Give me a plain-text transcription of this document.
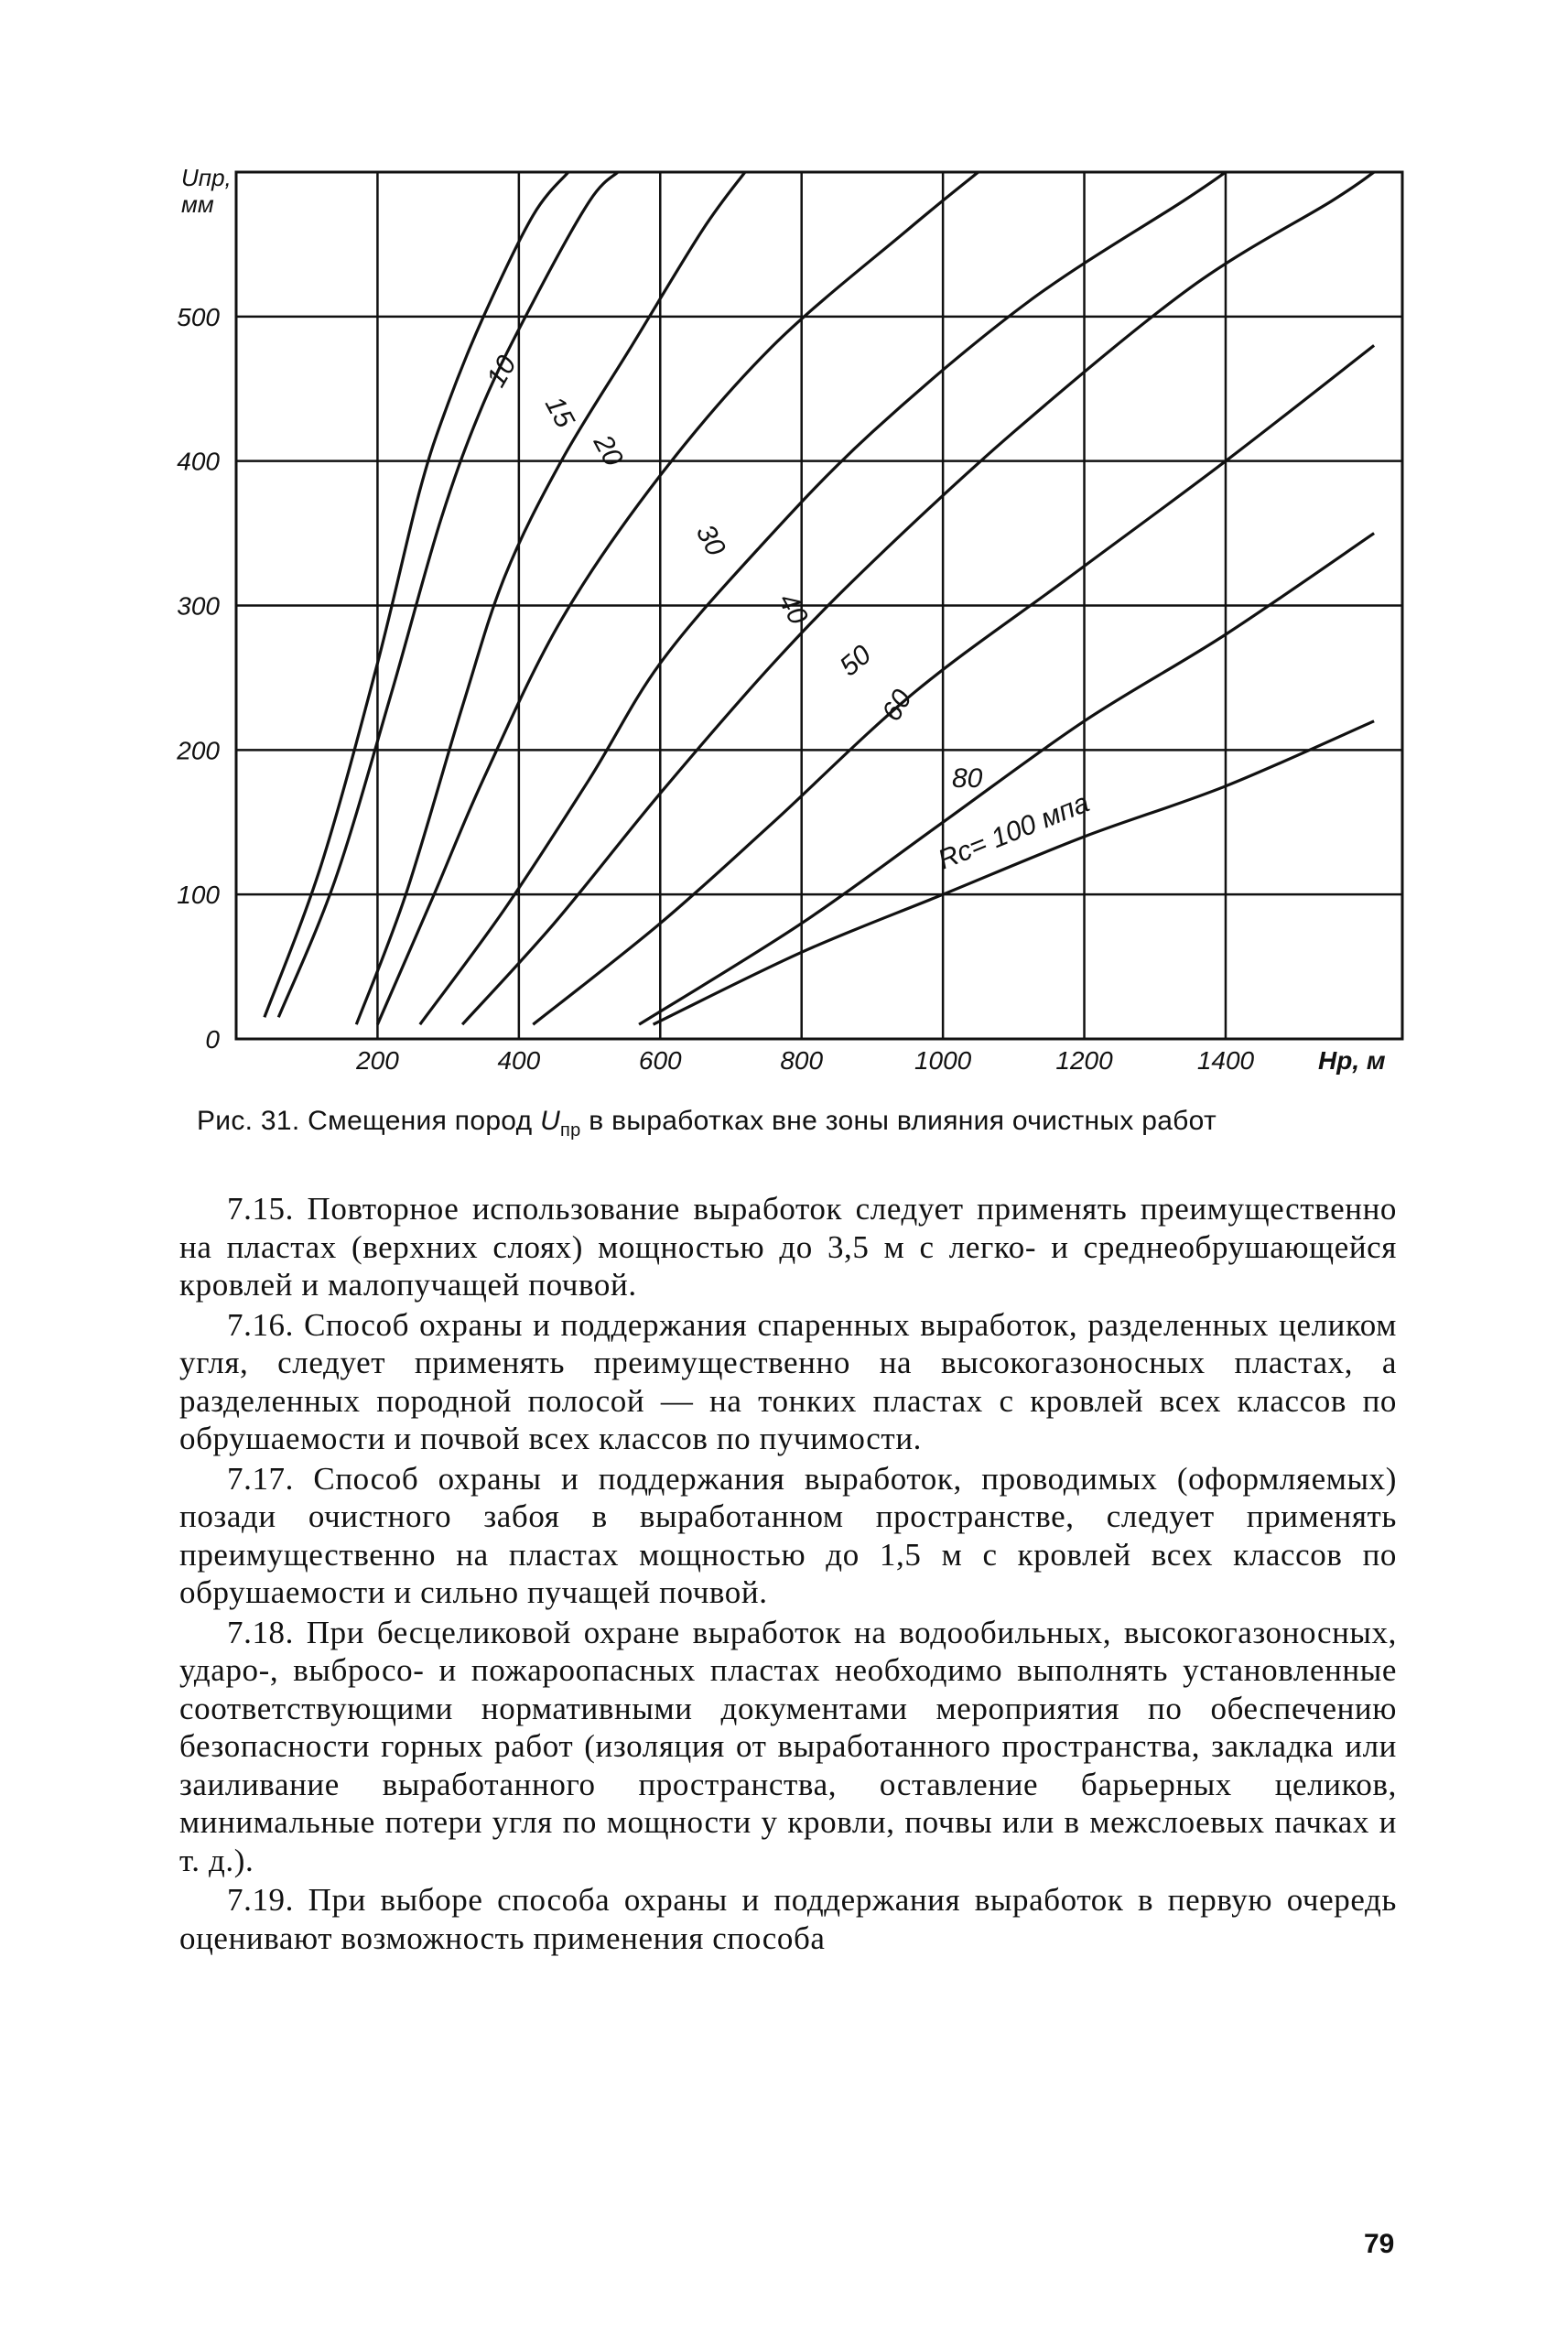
200	400	600	800	1000	1200	1400
0
100
200
300
400
500
Uпр,
мм
Нр, м
10
15
20
30
40
50
60
80
Rc= 100 мпа
Рис. 31. Смещения пород $U_{пр}$ в выработках вне зоны влияния очистных работ

7.15. Повторное использование выработок следует применять преимущественно на пластах (верхних слоях) мощностью до 3,5 м с легко- и среднеобрушающейся кровлей и малопучащей почвой.

7.16. Способ охраны и поддержания спаренных выработок, разделенных целиком угля, следует применять преимущественно на высокогазоносных пластах, а разделенных породной полосой — на тонких пластах с кровлей всех классов по обрушаемости и почвой всех классов по пучимости.

7.17. Способ охраны и поддержания выработок, проводимых (оформляемых) позади очистного забоя в выработанном пространстве, следует применять преимущественно на пластах мощностью до 1,5 м с кровлей всех классов по обрушаемости и сильно пучащей почвой.

7.18. При бесцеликовой охране выработок на водообильных, высокогазоносных, ударо-, выбросо- и пожароопасных пластах необходимо выполнять установленные соответствующими нормативными документами мероприятия по обеспечению безопасности горных работ (изоляция от выработанного пространства, закладка или заиливание выработанного пространства, оставление барьерных целиков, минимальные потери угля по мощности у кровли, почвы или в межслоевых пачках и т. д.).

7.19. При выборе способа охраны и поддержания выработок в первую очередь оценивают возможность применения способа

79
